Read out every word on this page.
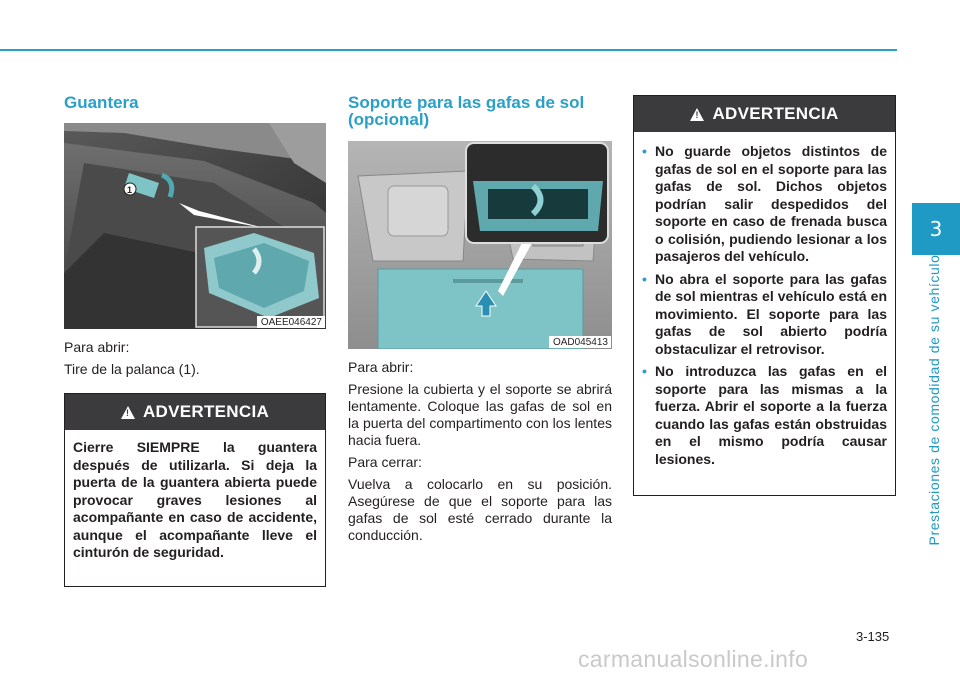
3
Prestaciones de comodidad de su vehículo
Guantera
1
OAEE046427

Para abrir:

Tire de la palanca (1).

!
ADVERTENCIA
Cierre SIEMPRE la guantera después de utilizarla. Si deja la puerta de la guantera abierta puede provocar graves lesiones al acompañante en caso de accidente, aunque el acompañante lleve el cinturón de seguridad.
Soporte para las gafas de sol
(opcional)
OAD045413

Para abrir:

Presione la cubierta y el soporte se abrirá lentamente. Coloque las gafas de sol en la puerta del compartimento con los lentes hacia fuera.

Para cerrar:

Vuelva a colocarlo en su posición. Asegúrese de que el soporte para las gafas de sol esté cerrado durante la conducción.

!
ADVERTENCIA
• No guarde objetos distintos de gafas de sol en el soporte para las gafas de sol. Dichos objetos podrían salir despedidos del soporte en caso de frenada busca o colisión, pudiendo lesionar a los pasajeros del vehículo.
• No abra el soporte para las gafas de sol mientras el vehículo está en movimiento. El soporte para las gafas de sol abierto podría obstaculizar el retrovisor.
• No introduzca las gafas en el soporte para las mismas a la fuerza. Abrir el soporte a la fuerza cuando las gafas están obstruidas en el mismo podría causar lesiones.
3-135
carmanualsonline.info
